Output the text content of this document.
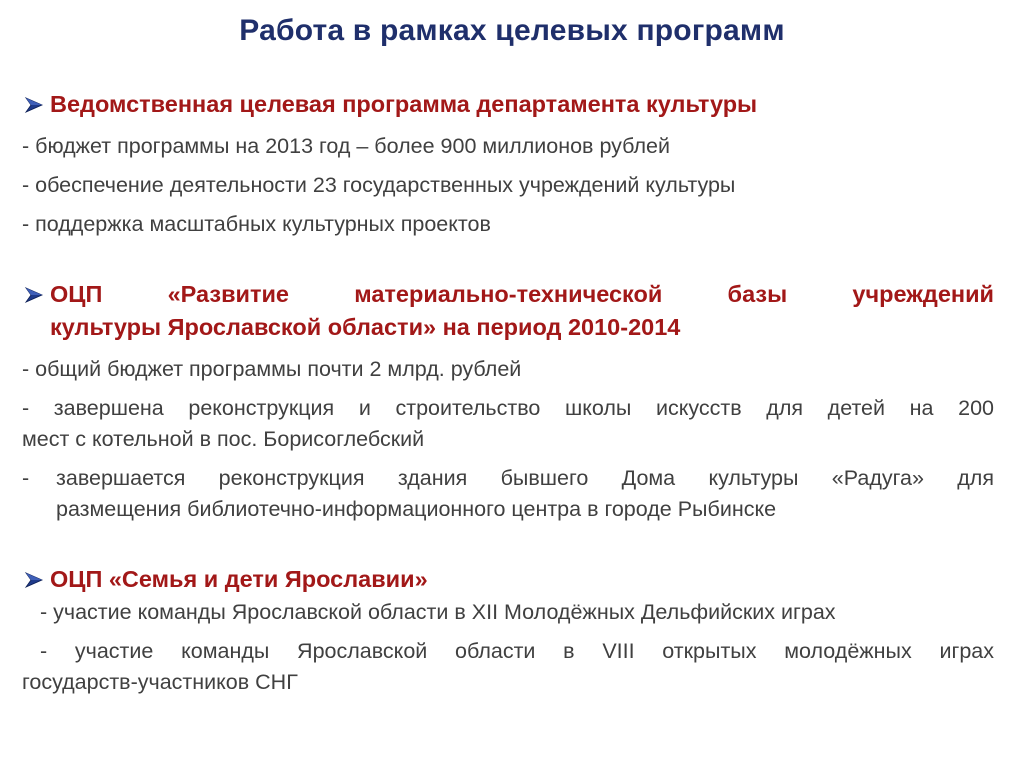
Работа в рамках целевых программ
Ведомственная целевая программа департамента культуры
- бюджет программы на 2013 год – более 900 миллионов рублей
- обеспечение деятельности 23 государственных учреждений культуры
- поддержка масштабных культурных проектов
ОЦП «Развитие материально-технической базы учреждений
культуры Ярославской области» на период 2010-2014
- общий бюджет программы почти 2 млрд. рублей
- завершена реконструкция и строительство школы искусств для детей на 200
мест с котельной в пос. Борисоглебский
-	завершается реконструкция здания бывшего Дома культуры «Радуга» для
размещения библиотечно-информационного центра в городе Рыбинске
ОЦП «Семья и дети Ярославии»
- участие команды Ярославской области в XII Молодёжных Дельфийских играх
- участие команды Ярославской области в VIII открытых молодёжных играх
государств-участников СНГ
